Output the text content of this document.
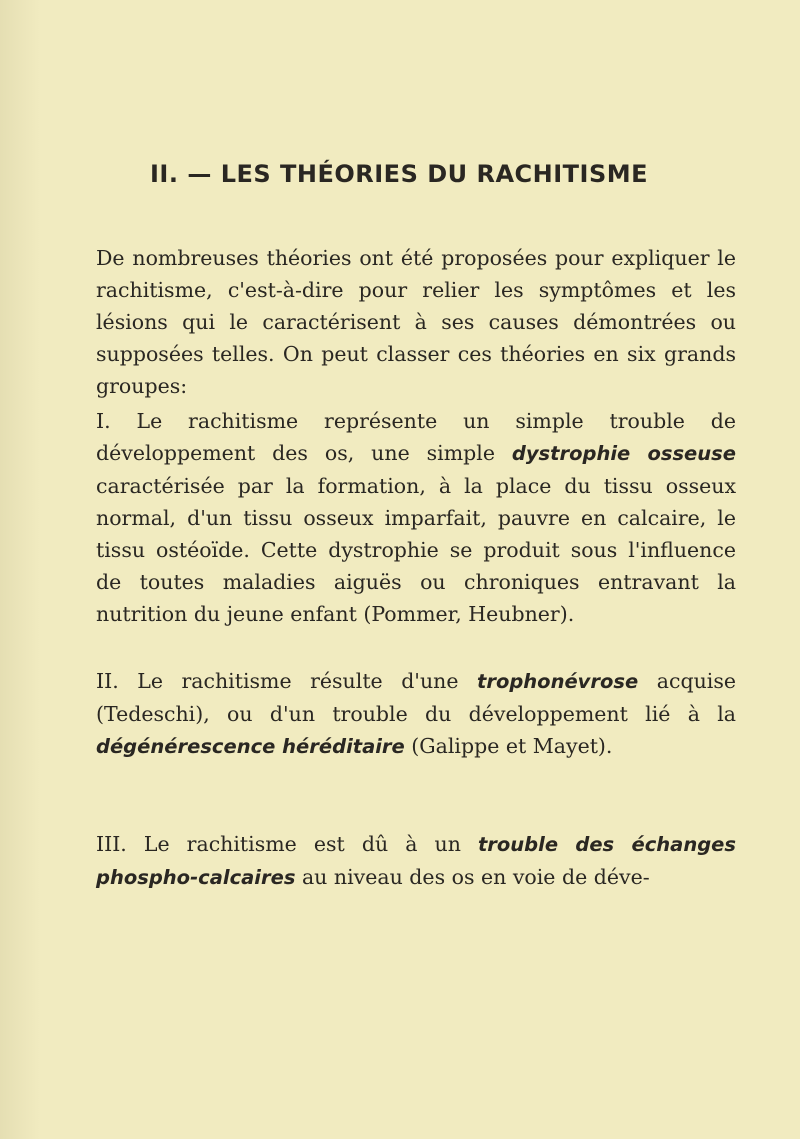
II. — LES THÉORIES DU RACHITISME

De nombreuses théories ont été proposées pour expliquer le rachitisme, c'est-à-dire pour relier les symptômes et les lésions qui le caractérisent à ses causes démontrées ou supposées telles. On peut classer ces théories en six grands groupes:

I. Le rachitisme représente un simple trouble de développement des os, une simple dystrophie osseuse caractérisée par la formation, à la place du tissu osseux normal, d'un tissu osseux imparfait, pauvre en calcaire, le tissu ostéoïde. Cette dystrophie se produit sous l'influence de toutes maladies aiguës ou chroniques entravant la nutrition du jeune enfant (Pommer, Heubner).

II. Le rachitisme résulte d'une trophonévrose acquise (Tedeschi), ou d'un trouble du développement lié à la dégénérescence héréditaire (Galippe et Mayet).

III. Le rachitisme est dû à un trouble des échanges phospho-calcaires au niveau des os en voie de déve-
